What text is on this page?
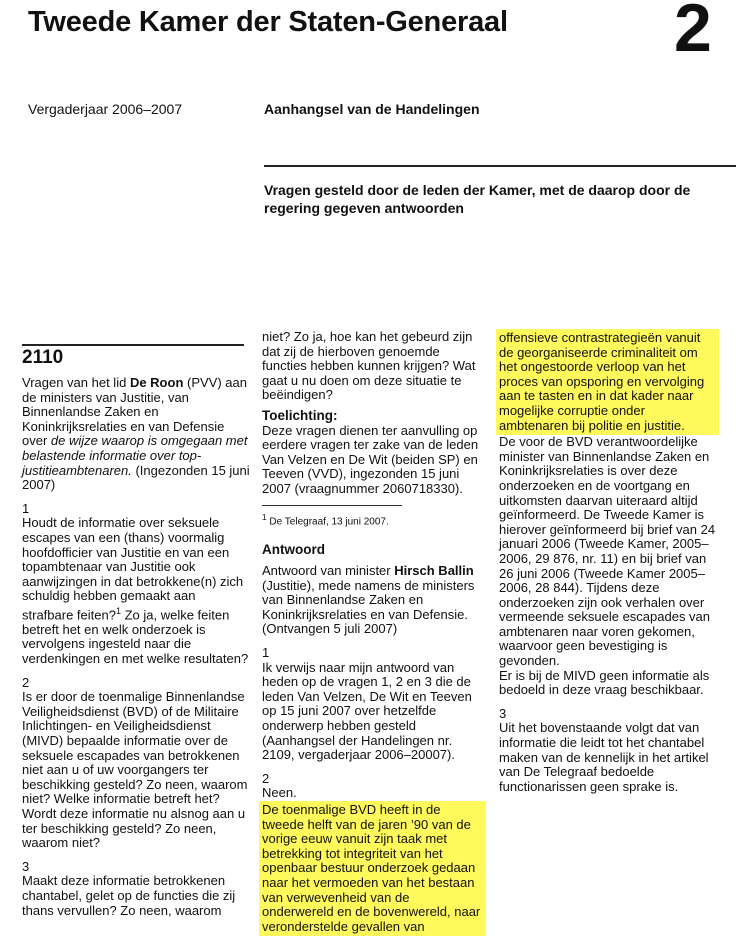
Tweede Kamer der Staten-Generaal 2
Vergaderjaar 2006–2007	Aanhangsel van de Handelingen
Vragen gesteld door de leden der Kamer, met de daarop door de regering gegeven antwoorden
2110

Vragen van het lid De Roon (PVV) aan de ministers van Justitie, van Binnenlandse Zaken en Koninkrijksrelaties en van Defensie over de wijze waarop is omgegaan met belastende informatie over top-justitieambtenaren. (Ingezonden 15 juni 2007)

1

Houdt de informatie over seksuele escapes van een (thans) voormalig hoofdofficier van Justitie en van een topambtenaar van Justitie ook aanwijzingen in dat betrokkene(n) zich schuldig hebben gemaakt aan strafbare feiten?$^1$ Zo ja, welke feiten betreft het en welk onderzoek is vervolgens ingesteld naar die verdenkingen en met welke resultaten?

2

Is er door de toenmalige Binnenlandse Veiligheidsdienst (BVD) of de Militaire Inlichtingen- en Veiligheidsdienst (MIVD) bepaalde informatie over de seksuele escapades van betrokkenen niet aan u of uw voorgangers ter beschikking gesteld? Zo neen, waarom niet? Welke informatie betreft het? Wordt deze informatie nu alsnog aan u ter beschikking gesteld? Zo neen, waarom niet?

3

Maakt deze informatie betrokkenen chantabel, gelet op de functies die zij thans vervullen? Zo neen, waarom

niet? Zo ja, hoe kan het gebeurd zijn dat zij de hierboven genoemde functies hebben kunnen krijgen? Wat gaat u nu doen om deze situatie te beëindigen?

Toelichting:

Deze vragen dienen ter aanvulling op eerdere vragen ter zake van de leden Van Velzen en De Wit (beiden SP) en Teeven (VVD), ingezonden 15 juni 2007 (vraagnummer 2060718330).

$^1$ De Telegraaf, 13 juni 2007.

Antwoord

Antwoord van minister Hirsch Ballin (Justitie), mede namens de ministers van Binnenlandse Zaken en Koninkrijksrelaties en van Defensie. (Ontvangen 5 juli 2007)

1

Ik verwijs naar mijn antwoord van heden op de vragen 1, 2 en 3 die de leden Van Velzen, De Wit en Teeven op 15 juni 2007 over hetzelfde onderwerp hebben gesteld (Aanhangsel der Handelingen nr. 2109, vergaderjaar 2006–20007).

2

Neen.

De toenmalige BVD heeft in de tweede helft van de jaren ’90 van de vorige eeuw vanuit zijn taak met betrekking tot integriteit van het openbaar bestuur onderzoek gedaan naar het vermoeden van het bestaan van verwevenheid van de onderwereld en de bovenwereld, naar veronderstelde gevallen van
offensieve contrastrategieën vanuit de georganiseerde criminaliteit om het ongestoorde verloop van het proces van opsporing en vervolging aan te tasten en in dat kader naar mogelijke corruptie onder ambtenaren bij politie en justitie.

De voor de BVD verantwoordelijke minister van Binnenlandse Zaken en Koninkrijksrelaties is over deze onderzoeken en de voortgang en uitkomsten daarvan uiteraard altijd geïnformeerd. De Tweede Kamer is hierover geïnformeerd bij brief van 24 januari 2006 (Tweede Kamer, 2005–2006, 29 876, nr. 11) en bij brief van 26 juni 2006 (Tweede Kamer 2005–2006, 28 844). Tijdens deze onderzoeken zijn ook verhalen over vermeende seksuele escapades van ambtenaren naar voren gekomen, waarvoor geen bevestiging is gevonden.

Er is bij de MIVD geen informatie als bedoeld in deze vraag beschikbaar.

3

Uit het bovenstaande volgt dat van informatie die leidt tot het chantabel maken van de kennelijk in het artikel van De Telegraaf bedoelde functionarissen geen sprake is.
